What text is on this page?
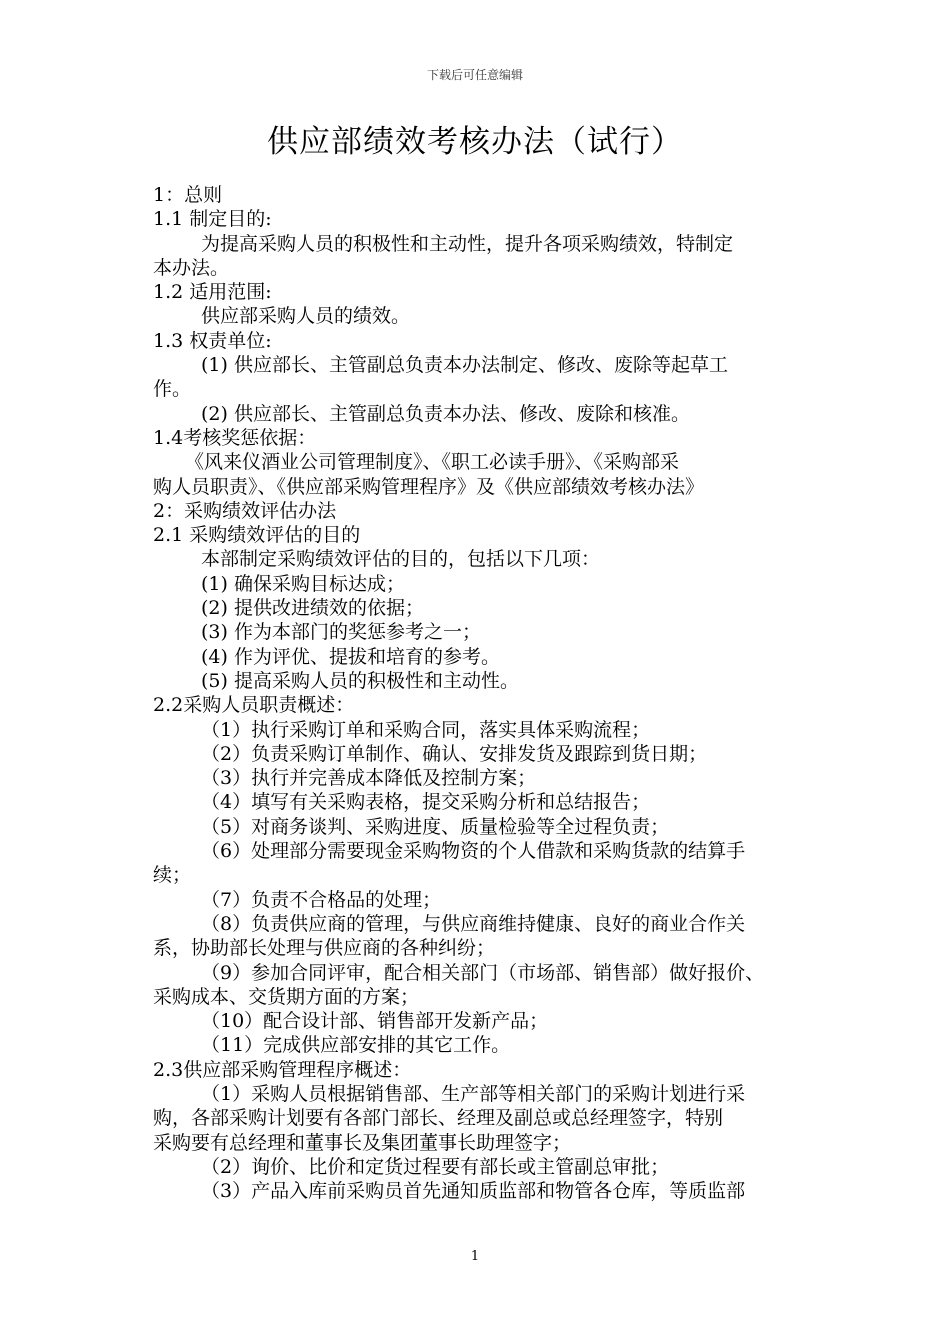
下载后可任意编辑
供应部绩效考核办法（试行）
1：总则
1.1 制定目的:
为提高采购人员的积极性和主动性，提升各项采购绩效，特制定
本办法。
1.2 适用范围:
供应部采购人员的绩效。
1.3 权责单位:
(1) 供应部长、主管副总负责本办法制定、修改、废除等起草工
作。
(2) 供应部长、主管副总负责本办法、修改、废除和核准。
1.4考核奖惩依据：
《风来仪酒业公司管理制度》、《职工必读手册》、《采购部采
购人员职责》、《供应部采购管理程序》及《供应部绩效考核办法》
2：采购绩效评估办法
2.1 采购绩效评估的目的
本部制定采购绩效评估的目的，包括以下几项：
(1) 确保采购目标达成；
(2) 提供改进绩效的依据；
(3) 作为本部门的奖惩参考之一；
(4) 作为评优、提拔和培育的参考。
(5) 提高采购人员的积极性和主动性。
2.2采购人员职责概述：
（1）执行采购订单和采购合同，落实具体采购流程；
（2）负责采购订单制作、确认、安排发货及跟踪到货日期；
（3）执行并完善成本降低及控制方案；
（4）填写有关采购表格，提交采购分析和总结报告；
（5）对商务谈判、采购进度、质量检验等全过程负责；
（6）处理部分需要现金采购物资的个人借款和采购货款的结算手
续；
（7）负责不合格品的处理；
（8）负责供应商的管理，与供应商维持健康、良好的商业合作关
系，协助部长处理与供应商的各种纠纷；
（9）参加合同评审，配合相关部门（市场部、销售部）做好报价、
采购成本、交货期方面的方案；
（10）配合设计部、销售部开发新产品；
（11）完成供应部安排的其它工作。
2.3供应部采购管理程序概述：
（1）采购人员根据销售部、生产部等相关部门的采购计划进行采
购，各部采购计划要有各部门部长、经理及副总或总经理签字，特别
采购要有总经理和董事长及集团董事长助理签字；
（2）询价、比价和定货过程要有部长或主管副总审批；
（3）产品入库前采购员首先通知质监部和物管各仓库，等质监部
1
